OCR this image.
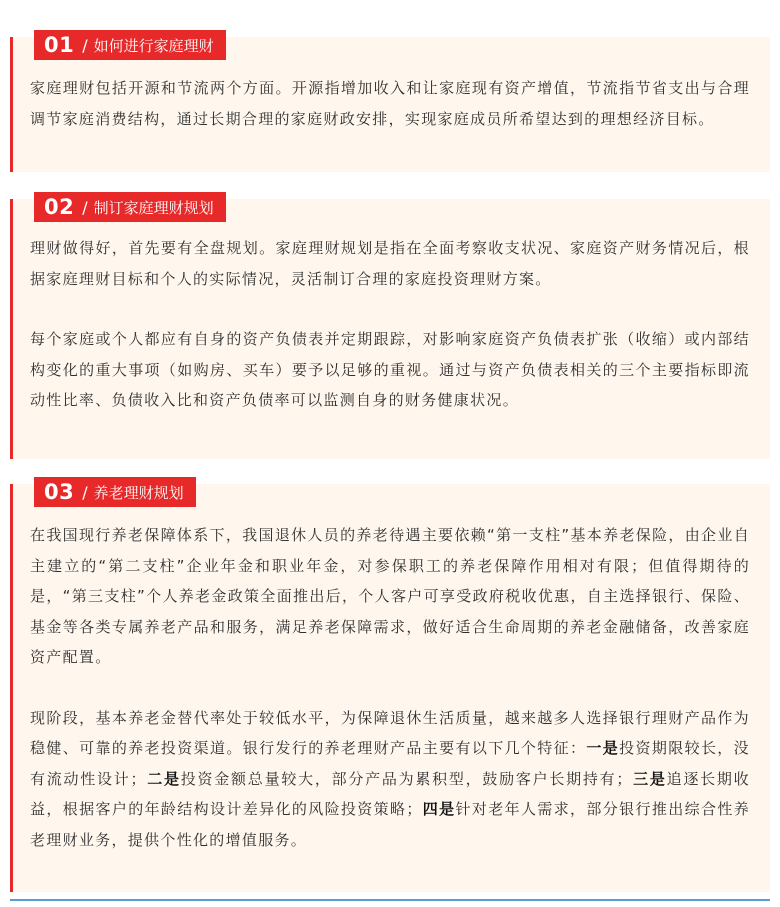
01 / 如何进行家庭理财

家庭理财包括开源和节流两个方面。开源指增加收入和让家庭现有资产增值，节流指节省支出与合理调节家庭消费结构，通过长期合理的家庭财政安排，实现家庭成员所希望达到的理想经济目标。

02 / 制订家庭理财规划

理财做得好，首先要有全盘规划。家庭理财规划是指在全面考察收支状况、家庭资产财务情况后，根据家庭理财目标和个人的实际情况，灵活制订合理的家庭投资理财方案。

每个家庭或个人都应有自身的资产负债表并定期跟踪，对影响家庭资产负债表扩张（收缩）或内部结构变化的重大事项（如购房、买车）要予以足够的重视。通过与资产负债表相关的三个主要指标即流动性比率、负债收入比和资产负债率可以监测自身的财务健康状况。

03 / 养老理财规划

在我国现行养老保障体系下，我国退休人员的养老待遇主要依赖“第一支柱”基本养老保险，由企业自主建立的“第二支柱”企业年金和职业年金，对参保职工的养老保障作用相对有限；但值得期待的是，“第三支柱”个人养老金政策全面推出后，个人客户可享受政府税收优惠，自主选择银行、保险、基金等各类专属养老产品和服务，满足养老保障需求，做好适合生命周期的养老金融储备，改善家庭资产配置。

现阶段，基本养老金替代率处于较低水平，为保障退休生活质量，越来越多人选择银行理财产品作为稳健、可靠的养老投资渠道。银行发行的养老理财产品主要有以下几个特征：一是投资期限较长，没有流动性设计；二是投资金额总量较大，部分产品为累积型，鼓励客户长期持有；三是追逐长期收益，根据客户的年龄结构设计差异化的风险投资策略；四是针对老年人需求，部分银行推出综合性养老理财业务，提供个性化的增值服务。
